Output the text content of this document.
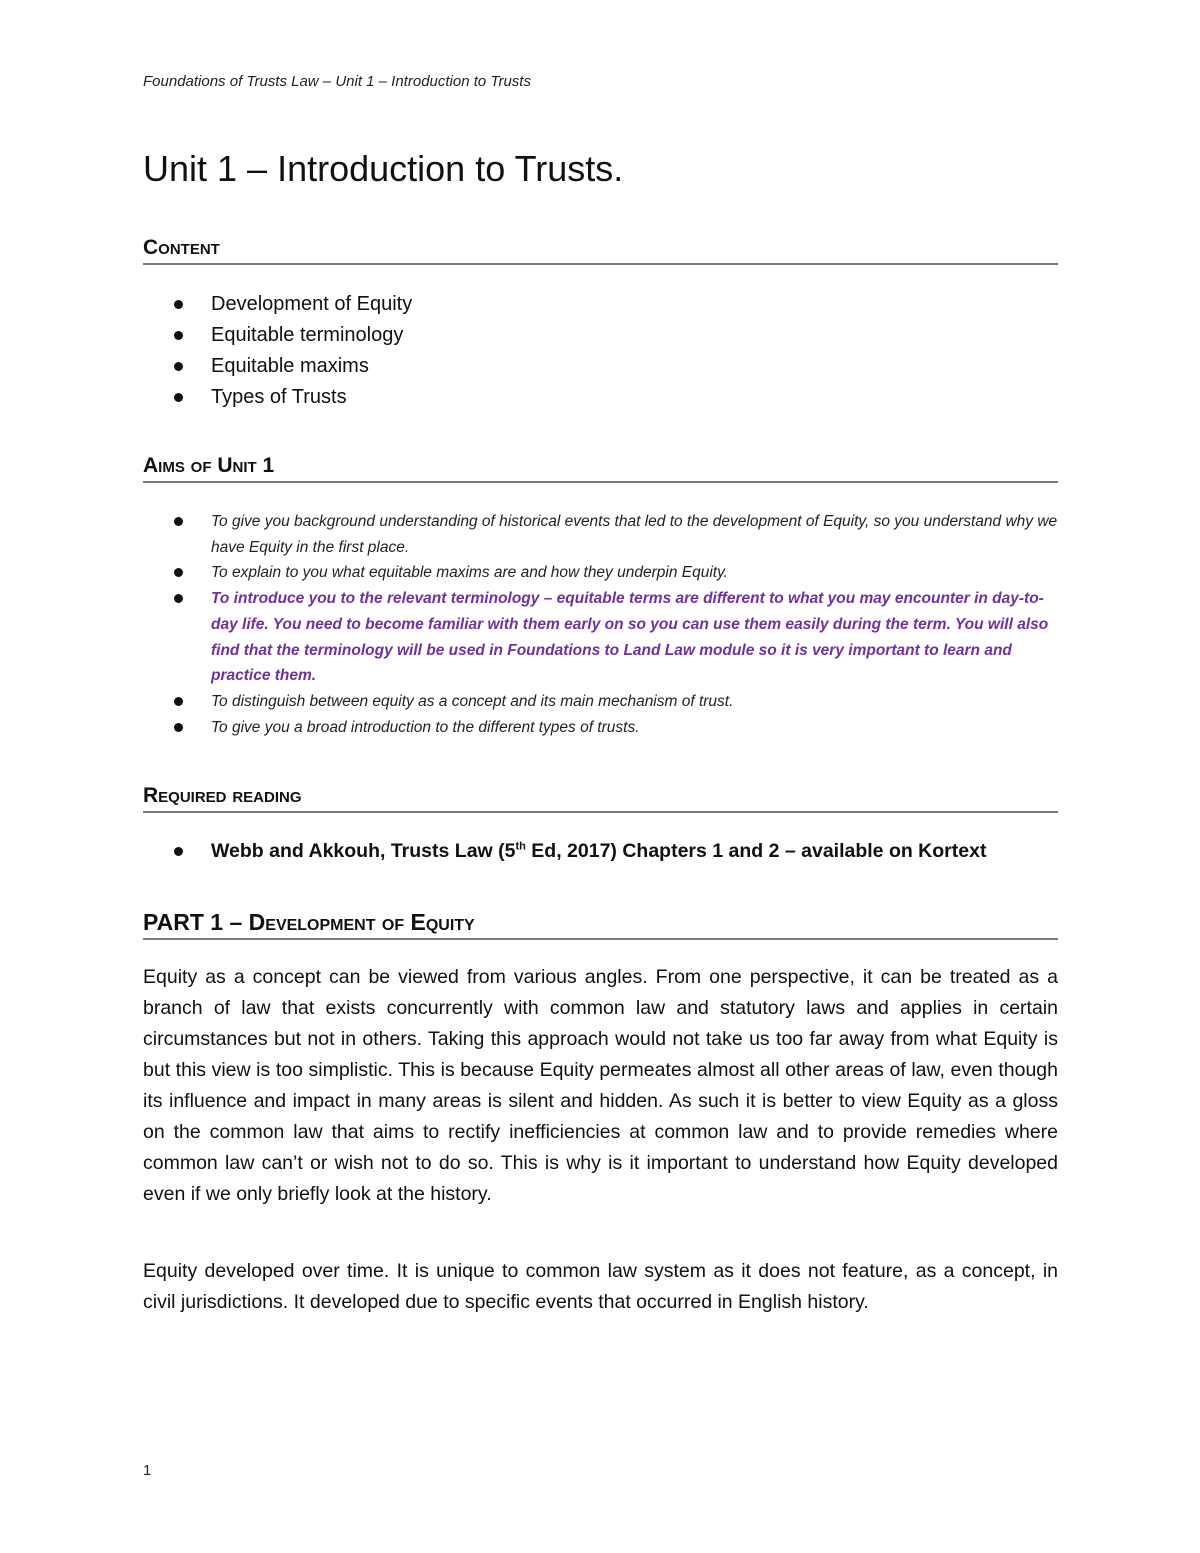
Foundations of Trusts Law – Unit 1 – Introduction to Trusts
Unit 1 – Introduction to Trusts.
Content
Development of Equity
Equitable terminology
Equitable maxims
Types of Trusts
Aims of Unit 1
To give you background understanding of historical events that led to the development of Equity, so you understand why we have Equity in the first place.
To explain to you what equitable maxims are and how they underpin Equity.
To introduce you to the relevant terminology – equitable terms are different to what you may encounter in day-to-day life. You need to become familiar with them early on so you can use them easily during the term. You will also find that the terminology will be used in Foundations to Land Law module so it is very important to learn and practice them.
To distinguish between equity as a concept and its main mechanism of trust.
To give you a broad introduction to the different types of trusts.
Required reading
Webb and Akkouh, Trusts Law (5th Ed, 2017) Chapters 1 and 2 – available on Kortext
PART 1 – Development of Equity

Equity as a concept can be viewed from various angles. From one perspective, it can be treated as a branch of law that exists concurrently with common law and statutory laws and applies in certain circumstances but not in others. Taking this approach would not take us too far away from what Equity is but this view is too simplistic. This is because Equity permeates almost all other areas of law, even though its influence and impact in many areas is silent and hidden. As such it is better to view Equity as a gloss on the common law that aims to rectify inefficiencies at common law and to provide remedies where common law can’t or wish not to do so. This is why is it important to understand how Equity developed even if we only briefly look at the history.

Equity developed over time. It is unique to common law system as it does not feature, as a concept, in civil jurisdictions. It developed due to specific events that occurred in English history.

1
